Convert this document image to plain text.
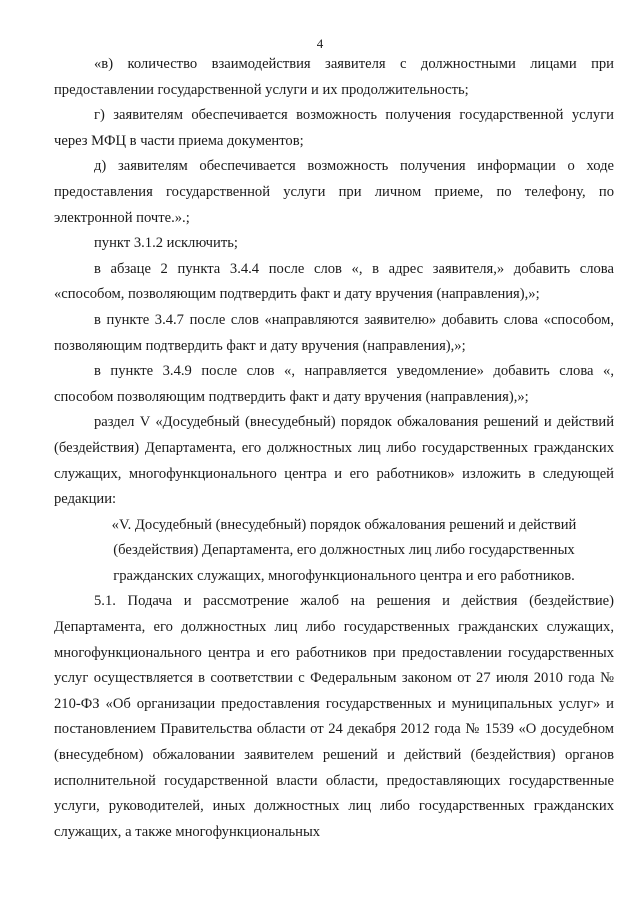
4

«в) количество взаимодействия заявителя с должностными лицами при предоставлении государственной услуги и их продолжительность;

г) заявителям обеспечивается возможность получения государственной услуги через МФЦ в части приема документов;

д) заявителям обеспечивается возможность получения информации о ходе предоставления государственной услуги при личном приеме, по телефону, по электронной почте.».;

пункт 3.1.2 исключить;

в абзаце 2 пункта 3.4.4 после слов «, в адрес заявителя,» добавить слова «способом, позволяющим подтвердить факт и дату вручения (направления),»;

в пункте 3.4.7 после слов «направляются заявителю» добавить слова «способом, позволяющим подтвердить факт и дату вручения (направления),»;

в пункте 3.4.9 после слов «, направляется уведомление» добавить слова «, способом позволяющим подтвердить факт и дату вручения (направления),»;

раздел V «Досудебный (внесудебный) порядок обжалования решений и действий (бездействия) Департамента, его должностных лиц либо государственных гражданских служащих, многофункционального центра и его работников» изложить в следующей редакции:

«V. Досудебный (внесудебный) порядок обжалования решений и действий

(бездействия) Департамента, его должностных лиц либо государственных

гражданских служащих, многофункционального центра и его работников.

5.1. Подача и рассмотрение жалоб на решения и действия (бездействие) Департамента, его должностных лиц либо государственных гражданских служащих, многофункционального центра и его работников при предоставлении государственных услуг осуществляется в соответствии с Федеральным законом от 27 июля 2010 года № 210-ФЗ «Об организации предоставления государственных и муниципальных услуг» и постановлением Правительства области от 24 декабря 2012 года № 1539 «О досудебном (внесудебном) обжаловании заявителем решений и действий (бездействия) органов исполнительной государственной власти области, предоставляющих государственные услуги, руководителей, иных должностных лиц либо государственных гражданских служащих, а также многофункциональных
